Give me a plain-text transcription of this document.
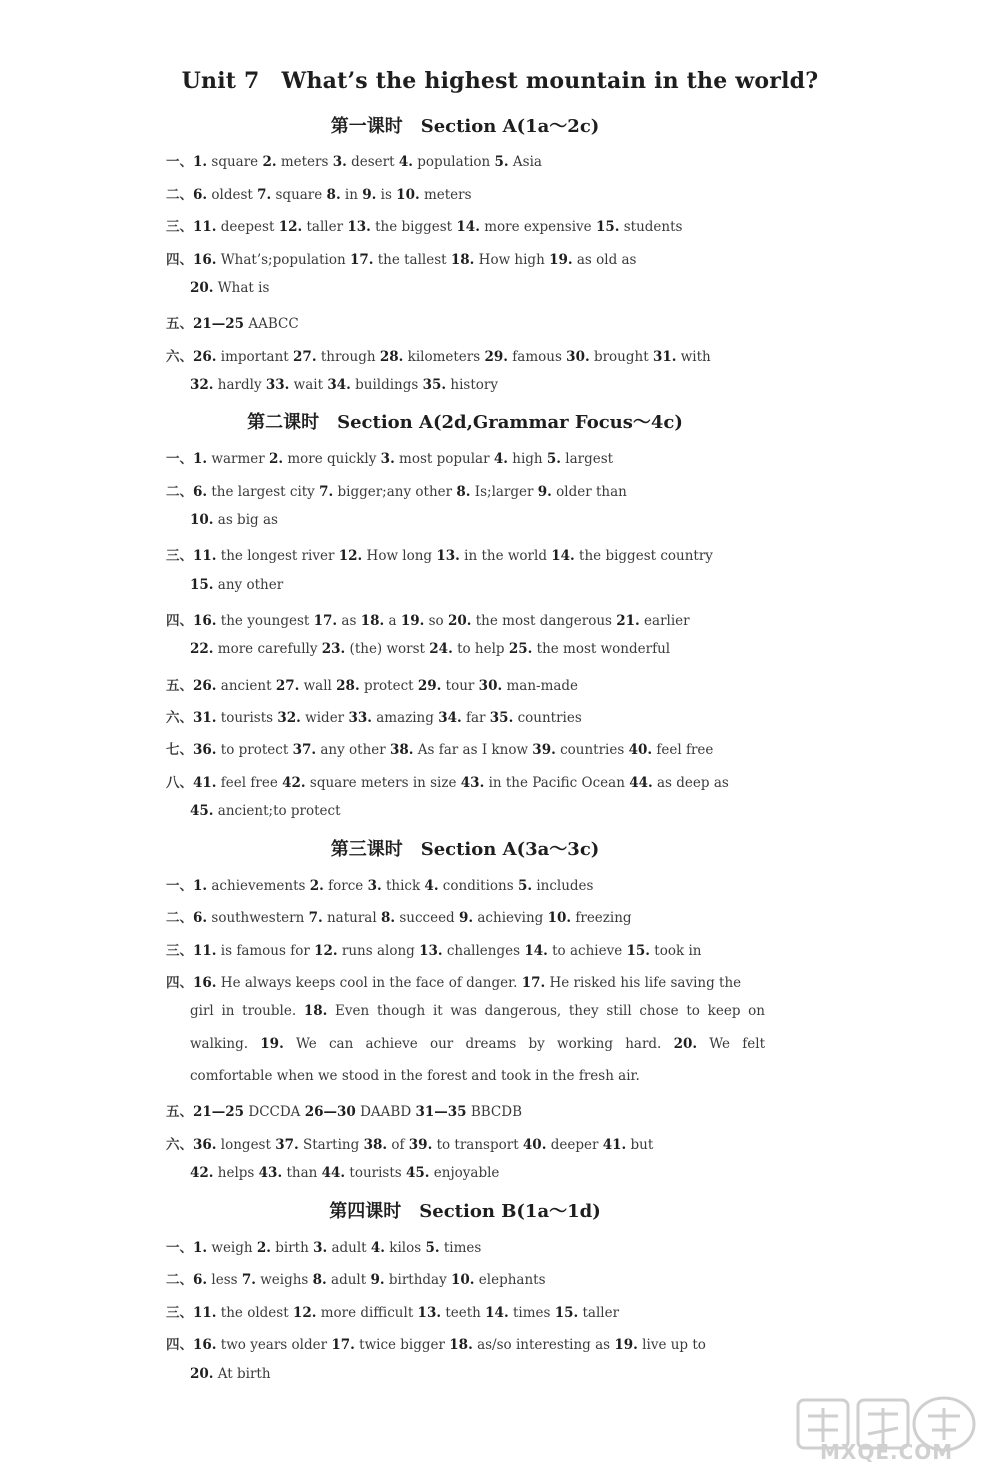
Unit 7 What’s the highest mountain in the world?
第一课时 Section A(1a～2c)
一、1. square 2. meters 3. desert 4. population 5. Asia
二、6. oldest 7. square 8. in 9. is 10. meters
三、11. deepest 12. taller 13. the biggest 14. more expensive 15. students
四、16. What’s;population 17. the tallest 18. How high 19. as old as
20. What is
五、21—25 AABCC
六、26. important 27. through 28. kilometers 29. famous 30. brought 31. with
32. hardly 33. wait 34. buildings 35. history
第二课时 Section A(2d,Grammar Focus～4c)
一、1. warmer 2. more quickly 3. most popular 4. high 5. largest
二、6. the largest city 7. bigger;any other 8. Is;larger 9. older than
10. as big as
三、11. the longest river 12. How long 13. in the world 14. the biggest country
15. any other
四、16. the youngest 17. as 18. a 19. so 20. the most dangerous 21. earlier
22. more carefully 23. (the) worst 24. to help 25. the most wonderful
五、26. ancient 27. wall 28. protect 29. tour 30. man-made
六、31. tourists 32. wider 33. amazing 34. far 35. countries
七、36. to protect 37. any other 38. As far as I know 39. countries 40. feel free
八、41. feel free 42. square meters in size 43. in the Pacific Ocean 44. as deep as
45. ancient;to protect
第三课时 Section A(3a～3c)
一、1. achievements 2. force 3. thick 4. conditions 5. includes
二、6. southwestern 7. natural 8. succeed 9. achieving 10. freezing
三、11. is famous for 12. runs along 13. challenges 14. to achieve 15. took in
四、16. He always keeps cool in the face of danger. 17. He risked his life saving the
girl in trouble. 18. Even though it was dangerous, they still chose to keep on
walking. 19. We can achieve our dreams by working hard. 20. We felt
comfortable when we stood in the forest and took in the fresh air.
五、21—25 DCCDA 26—30 DAABD 31—35 BBCDB
六、36. longest 37. Starting 38. of 39. to transport 40. deeper 41. but
42. helps 43. than 44. tourists 45. enjoyable
第四课时 Section B(1a～1d)
一、1. weigh 2. birth 3. adult 4. kilos 5. times
二、6. less 7. weighs 8. adult 9. birthday 10. elephants
三、11. the oldest 12. more difficult 13. teeth 14. times 15. taller
四、16. two years older 17. twice bigger 18. as/so interesting as 19. live up to
20. At birth
MXQE.COM
